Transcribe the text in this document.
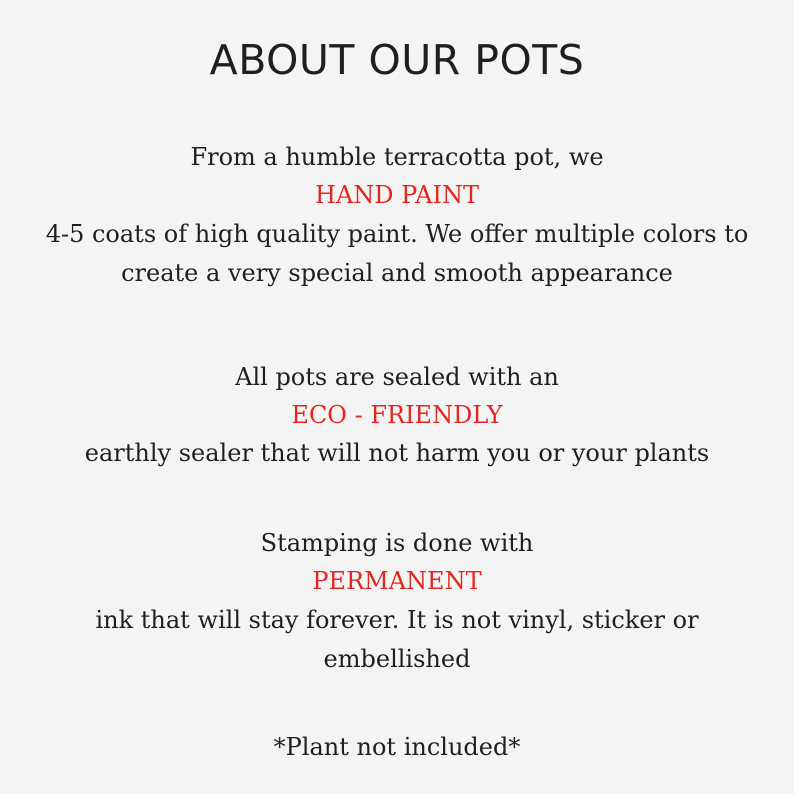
ABOUT OUR POTS

From a humble terracotta pot, we

HAND PAINT

4-5 coats of high quality paint. We offer multiple colors to

create a very special and smooth appearance

All pots are sealed with an

ECO - FRIENDLY

earthly sealer that will not harm you or your plants

Stamping is done with

PERMANENT

ink that will stay forever. It is not vinyl, sticker or

embellished

*Plant not included*
